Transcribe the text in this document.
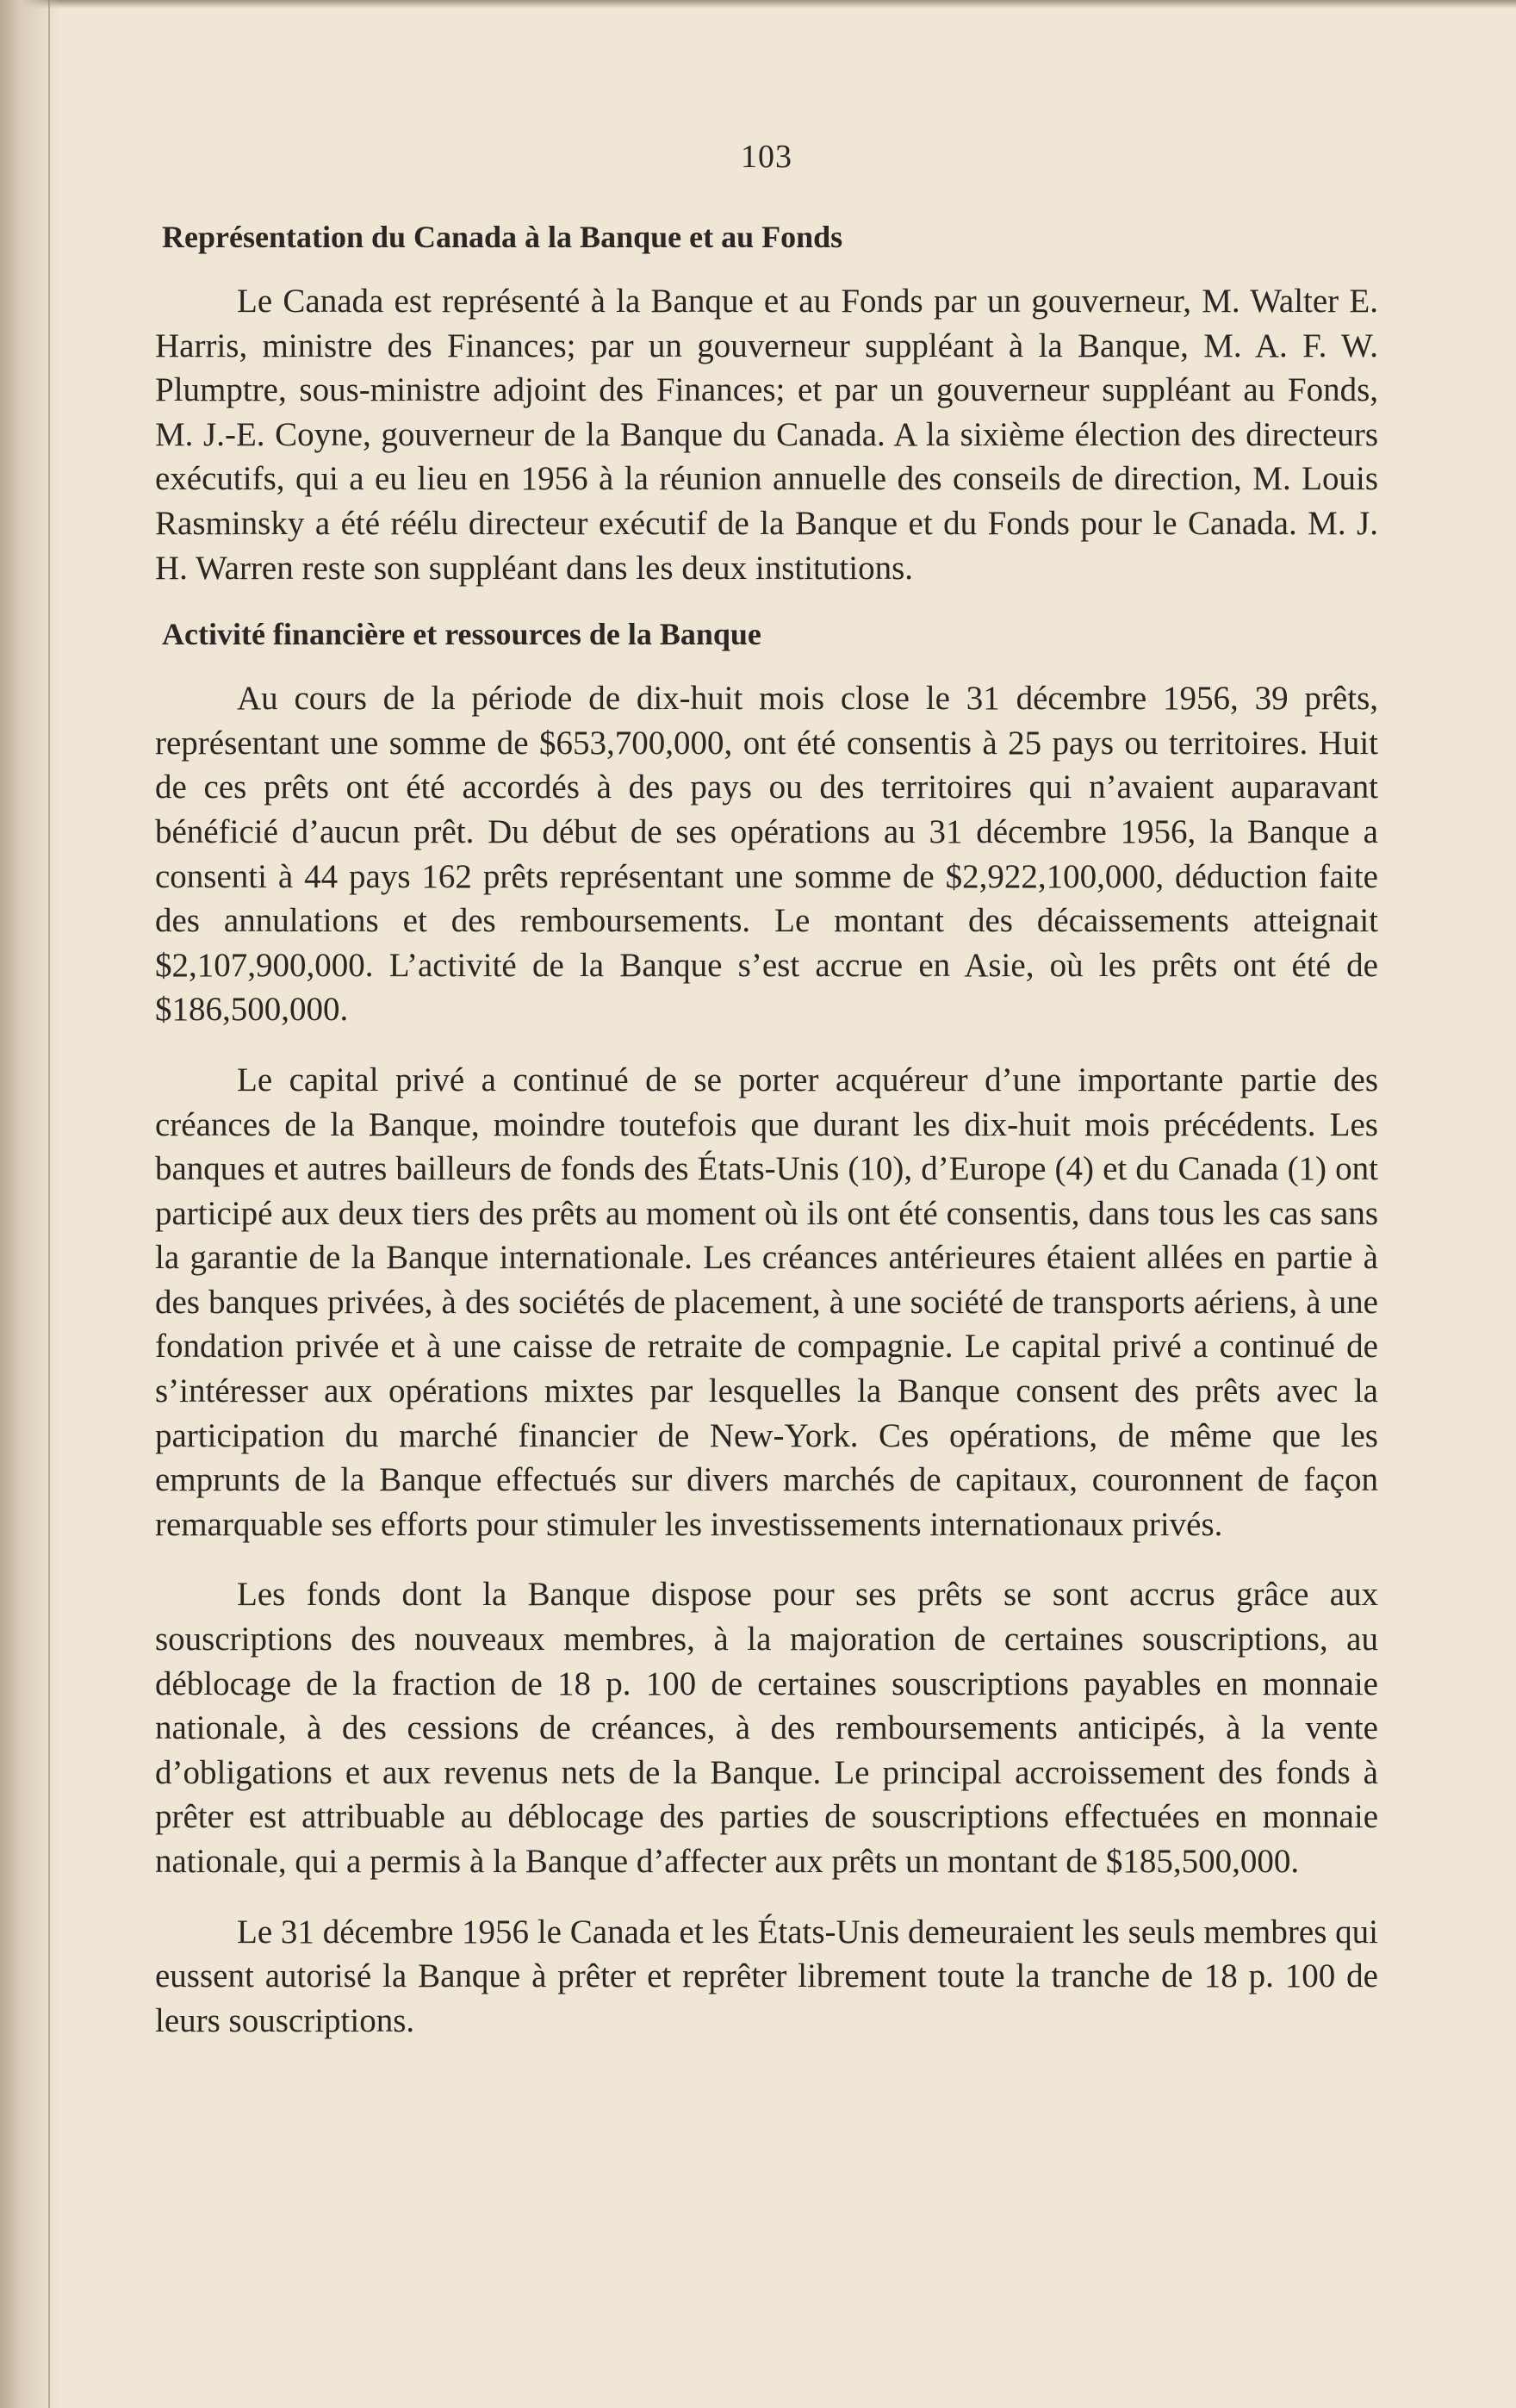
103
Représentation du Canada à la Banque et au Fonds

Le Canada est représenté à la Banque et au Fonds par un gouverneur, M. Walter E. Harris, ministre des Finances; par un gouverneur suppléant à la Banque, M. A. F. W. Plumptre, sous-ministre adjoint des Finances; et par un gouverneur suppléant au Fonds, M. J.-E. Coyne, gouverneur de la Banque du Canada. A la sixième élection des directeurs exécutifs, qui a eu lieu en 1956 à la réunion annuelle des conseils de direction, M. Louis Rasminsky a été réélu directeur exécutif de la Banque et du Fonds pour le Canada. M. J. H. Warren reste son suppléant dans les deux institutions.

Activité financière et ressources de la Banque

Au cours de la période de dix-huit mois close le 31 décembre 1956, 39 prêts, représentant une somme de $653,700,000, ont été consentis à 25 pays ou territoires. Huit de ces prêts ont été accordés à des pays ou des territoires qui n’avaient auparavant bénéficié d’aucun prêt. Du début de ses opérations au 31 décembre 1956, la Banque a consenti à 44 pays 162 prêts représentant une somme de $2,922,100,000, déduction faite des annulations et des remboursements. Le montant des décaissements atteignait $2,107,900,000. L’activité de la Banque s’est accrue en Asie, où les prêts ont été de $186,500,000.

Le capital privé a continué de se porter acquéreur d’une importante partie des créances de la Banque, moindre toutefois que durant les dix-huit mois précédents. Les banques et autres bailleurs de fonds des États-Unis (10), d’Europe (4) et du Canada (1) ont participé aux deux tiers des prêts au moment où ils ont été consentis, dans tous les cas sans la garantie de la Banque internationale. Les créances antérieures étaient allées en partie à des banques privées, à des sociétés de placement, à une société de transports aériens, à une fondation privée et à une caisse de retraite de compagnie. Le capital privé a continué de s’intéresser aux opérations mixtes par lesquelles la Banque consent des prêts avec la participation du marché financier de New-York. Ces opérations, de même que les emprunts de la Banque effectués sur divers marchés de capitaux, couronnent de façon remarquable ses efforts pour stimuler les investissements internationaux privés.

Les fonds dont la Banque dispose pour ses prêts se sont accrus grâce aux souscriptions des nouveaux membres, à la majoration de certaines souscriptions, au déblocage de la fraction de 18 p. 100 de certaines souscriptions payables en monnaie nationale, à des cessions de créances, à des remboursements anticipés, à la vente d’obligations et aux revenus nets de la Banque. Le principal accroissement des fonds à prêter est attribuable au déblocage des parties de souscriptions effectuées en monnaie nationale, qui a permis à la Banque d’affecter aux prêts un montant de $185,500,000.

Le 31 décembre 1956 le Canada et les États-Unis demeuraient les seuls membres qui eussent autorisé la Banque à prêter et reprêter librement toute la tranche de 18 p. 100 de leurs souscriptions.
